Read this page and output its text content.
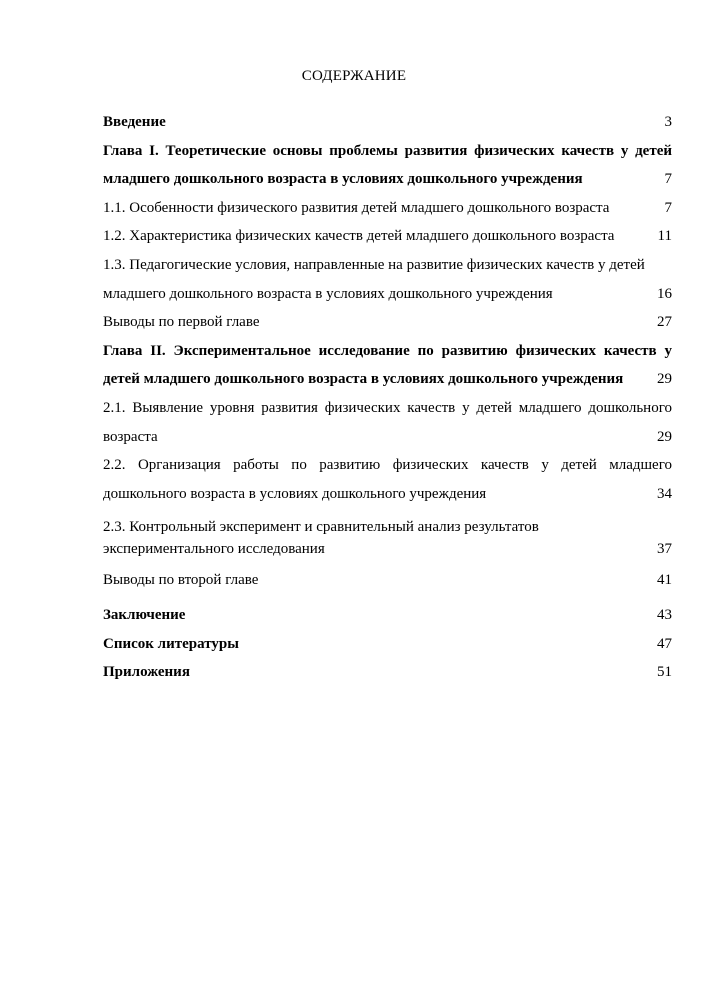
СОДЕРЖАНИЕ
Введение	3
Глава I. Теоретические основы проблемы развития физических качеств у детей младшего дошкольного возраста в условиях дошкольного учреждения	7
1.1. Особенности физического развития детей младшего дошкольного возраста	7
1.2. Характеристика физических качеств детей младшего дошкольного возраста	11
1.3. Педагогические условия, направленные на развитие физических качеств у детей младшего дошкольного возраста в условиях дошкольного учреждения	16
Выводы по первой главе	27
Глава II. Экспериментальное исследование по развитию физических качеств у детей младшего дошкольного возраста в условиях дошкольного учреждения	29
2.1. Выявление уровня развития физических качеств у детей младшего дошкольного возраста	29
2.2. Организация работы по развитию физических качеств у детей младшего дошкольного возраста в условиях дошкольного учреждения	34
2.3. Контрольный эксперимент и сравнительный анализ результатов экспериментального исследования	37
Выводы по второй главе	41
Заключение	43
Список литературы	47
Приложения	51
